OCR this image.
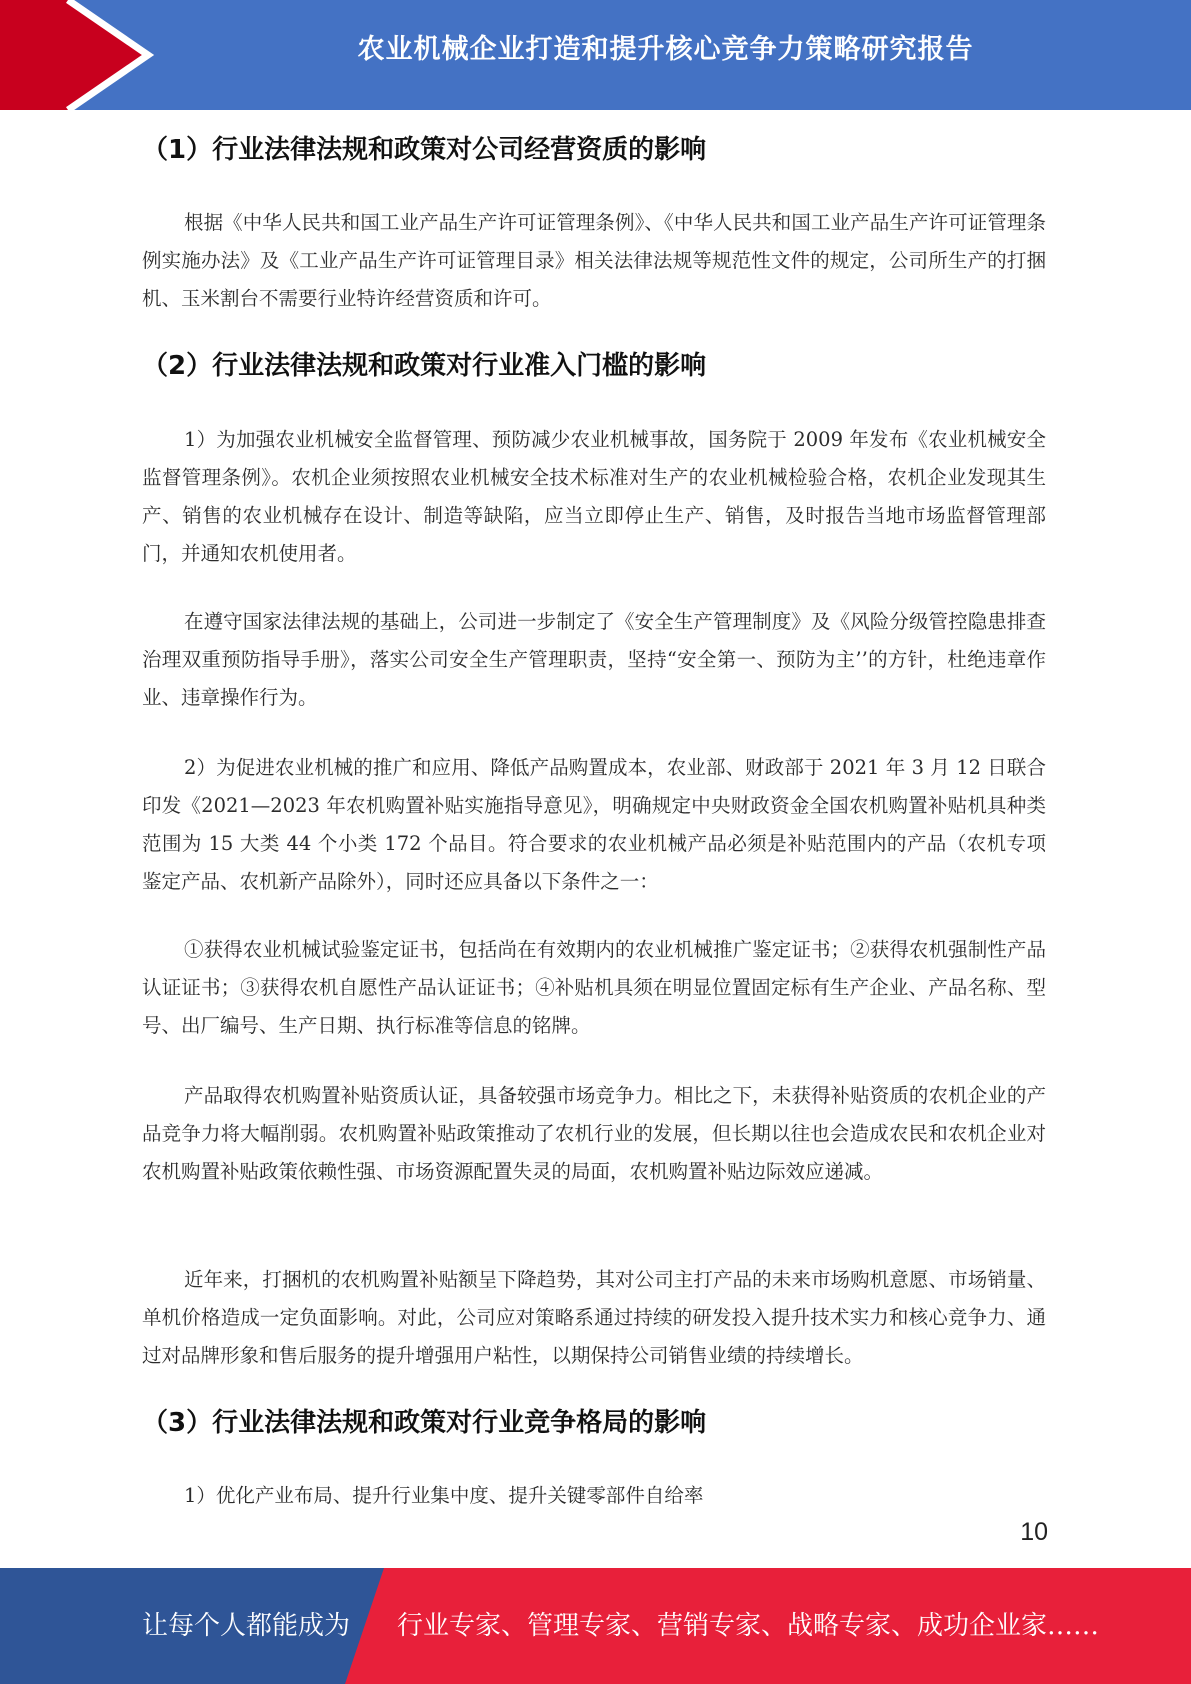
农业机械企业打造和提升核心竞争力策略研究报告
（1）行业法律法规和政策对公司经营资质的影响

根据《中华人民共和国工业产品生产许可证管理条例》、《中华人民共和国工业产品生产许可证管理条例实施办法》及《工业产品生产许可证管理目录》相关法律法规等规范性文件的规定，公司所生产的打捆机、玉米割台不需要行业特许经营资质和许可。

（2）行业法律法规和政策对行业准入门槛的影响

1）为加强农业机械安全监督管理、预防减少农业机械事故，国务院于 2009 年发布《农业机械安全监督管理条例》。农机企业须按照农业机械安全技术标准对生产的农业机械检验合格，农机企业发现其生产、销售的农业机械存在设计、制造等缺陷，应当立即停止生产、销售，及时报告当地市场监督管理部门，并通知农机使用者。

在遵守国家法律法规的基础上，公司进一步制定了《安全生产管理制度》及《风险分级管控隐患排查治理双重预防指导手册》，落实公司安全生产管理职责，坚持“安全第一、预防为主’’的方针，杜绝违章作业、违章操作行为。

2）为促进农业机械的推广和应用、降低产品购置成本，农业部、财政部于 2021 年 3 月 12 日联合印发《2021—2023 年农机购置补贴实施指导意见》，明确规定中央财政资金全国农机购置补贴机具种类范围为 15 大类 44 个小类 172 个品目。符合要求的农业机械产品必须是补贴范围内的产品（农机专项鉴定产品、农机新产品除外），同时还应具备以下条件之一：

①获得农业机械试验鉴定证书，包括尚在有效期内的农业机械推广鉴定证书；②获得农机强制性产品认证证书；③获得农机自愿性产品认证证书；④补贴机具须在明显位置固定标有生产企业、产品名称、型号、出厂编号、生产日期、执行标准等信息的铭牌。

产品取得农机购置补贴资质认证，具备较强市场竞争力。相比之下，未获得补贴资质的农机企业的产品竞争力将大幅削弱。农机购置补贴政策推动了农机行业的发展，但长期以往也会造成农民和农机企业对农机购置补贴政策依赖性强、市场资源配置失灵的局面，农机购置补贴边际效应递减。

近年来，打捆机的农机购置补贴额呈下降趋势，其对公司主打产品的未来市场购机意愿、市场销量、单机价格造成一定负面影响。对此，公司应对策略系通过持续的研发投入提升技术实力和核心竞争力、通过对品牌形象和售后服务的提升增强用户粘性，以期保持公司销售业绩的持续增长。

（3）行业法律法规和政策对行业竞争格局的影响

1）优化产业布局、提升行业集中度、提升关键零部件自给率

10
让每个人都能成为 行业专家、管理专家、营销专家、战略专家、成功企业家……
